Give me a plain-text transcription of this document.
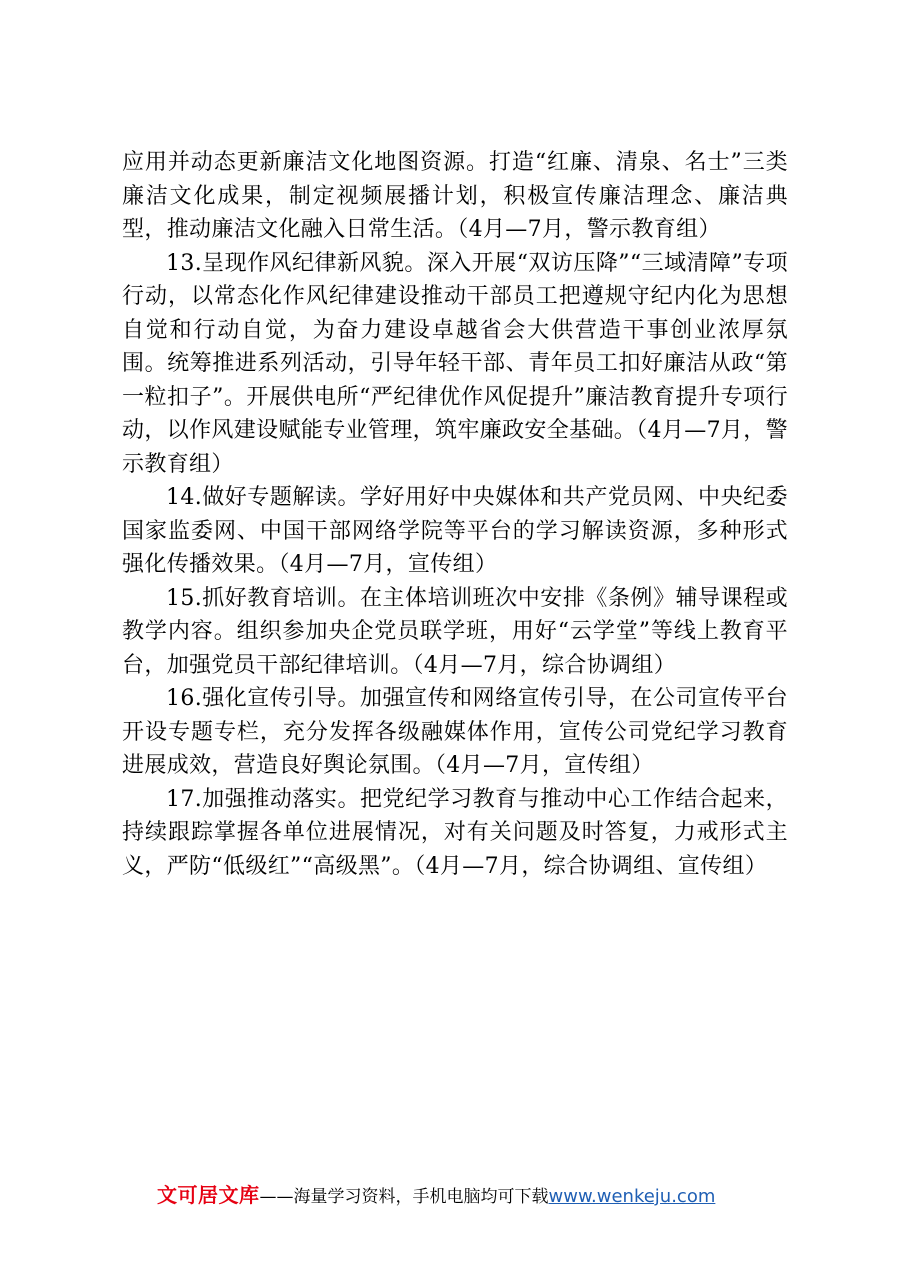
应用并动态更新廉洁文化地图资源。打造“红廉、清泉、名士”三类廉洁文化成果，制定视频展播计划，积极宣传廉洁理念、廉洁典型，推动廉洁文化融入日常生活。（4月—7月，警示教育组）

13.呈现作风纪律新风貌。深入开展“双访压降”“三域清障”专项行动，以常态化作风纪律建设推动干部员工把遵规守纪内化为思想自觉和行动自觉，为奋力建设卓越省会大供营造干事创业浓厚氛围。统筹推进系列活动，引导年轻干部、青年员工扣好廉洁从政“第一粒扣子”。开展供电所“严纪律优作风促提升”廉洁教育提升专项行动，以作风建设赋能专业管理，筑牢廉政安全基础。（4月—7月，警示教育组）

14.做好专题解读。学好用好中央媒体和共产党员网、中央纪委国家监委网、中国干部网络学院等平台的学习解读资源，多种形式强化传播效果。（4月—7月，宣传组）

15.抓好教育培训。在主体培训班次中安排《条例》辅导课程或教学内容。组织参加央企党员联学班，用好“云学堂”等线上教育平台，加强党员干部纪律培训。（4月—7月，综合协调组）

16.强化宣传引导。加强宣传和网络宣传引导，在公司宣传平台开设专题专栏，充分发挥各级融媒体作用，宣传公司党纪学习教育进展成效，营造良好舆论氛围。（4月—7月，宣传组）

17.加强推动落实。把党纪学习教育与推动中心工作结合起来，持续跟踪掌握各单位进展情况，对有关问题及时答复，力戒形式主义，严防“低级红”“高级黑”。（4月—7月，综合协调组、宣传组）

文可居文库——海量学习资料，手机电脑均可下载www.wenkeju.com
